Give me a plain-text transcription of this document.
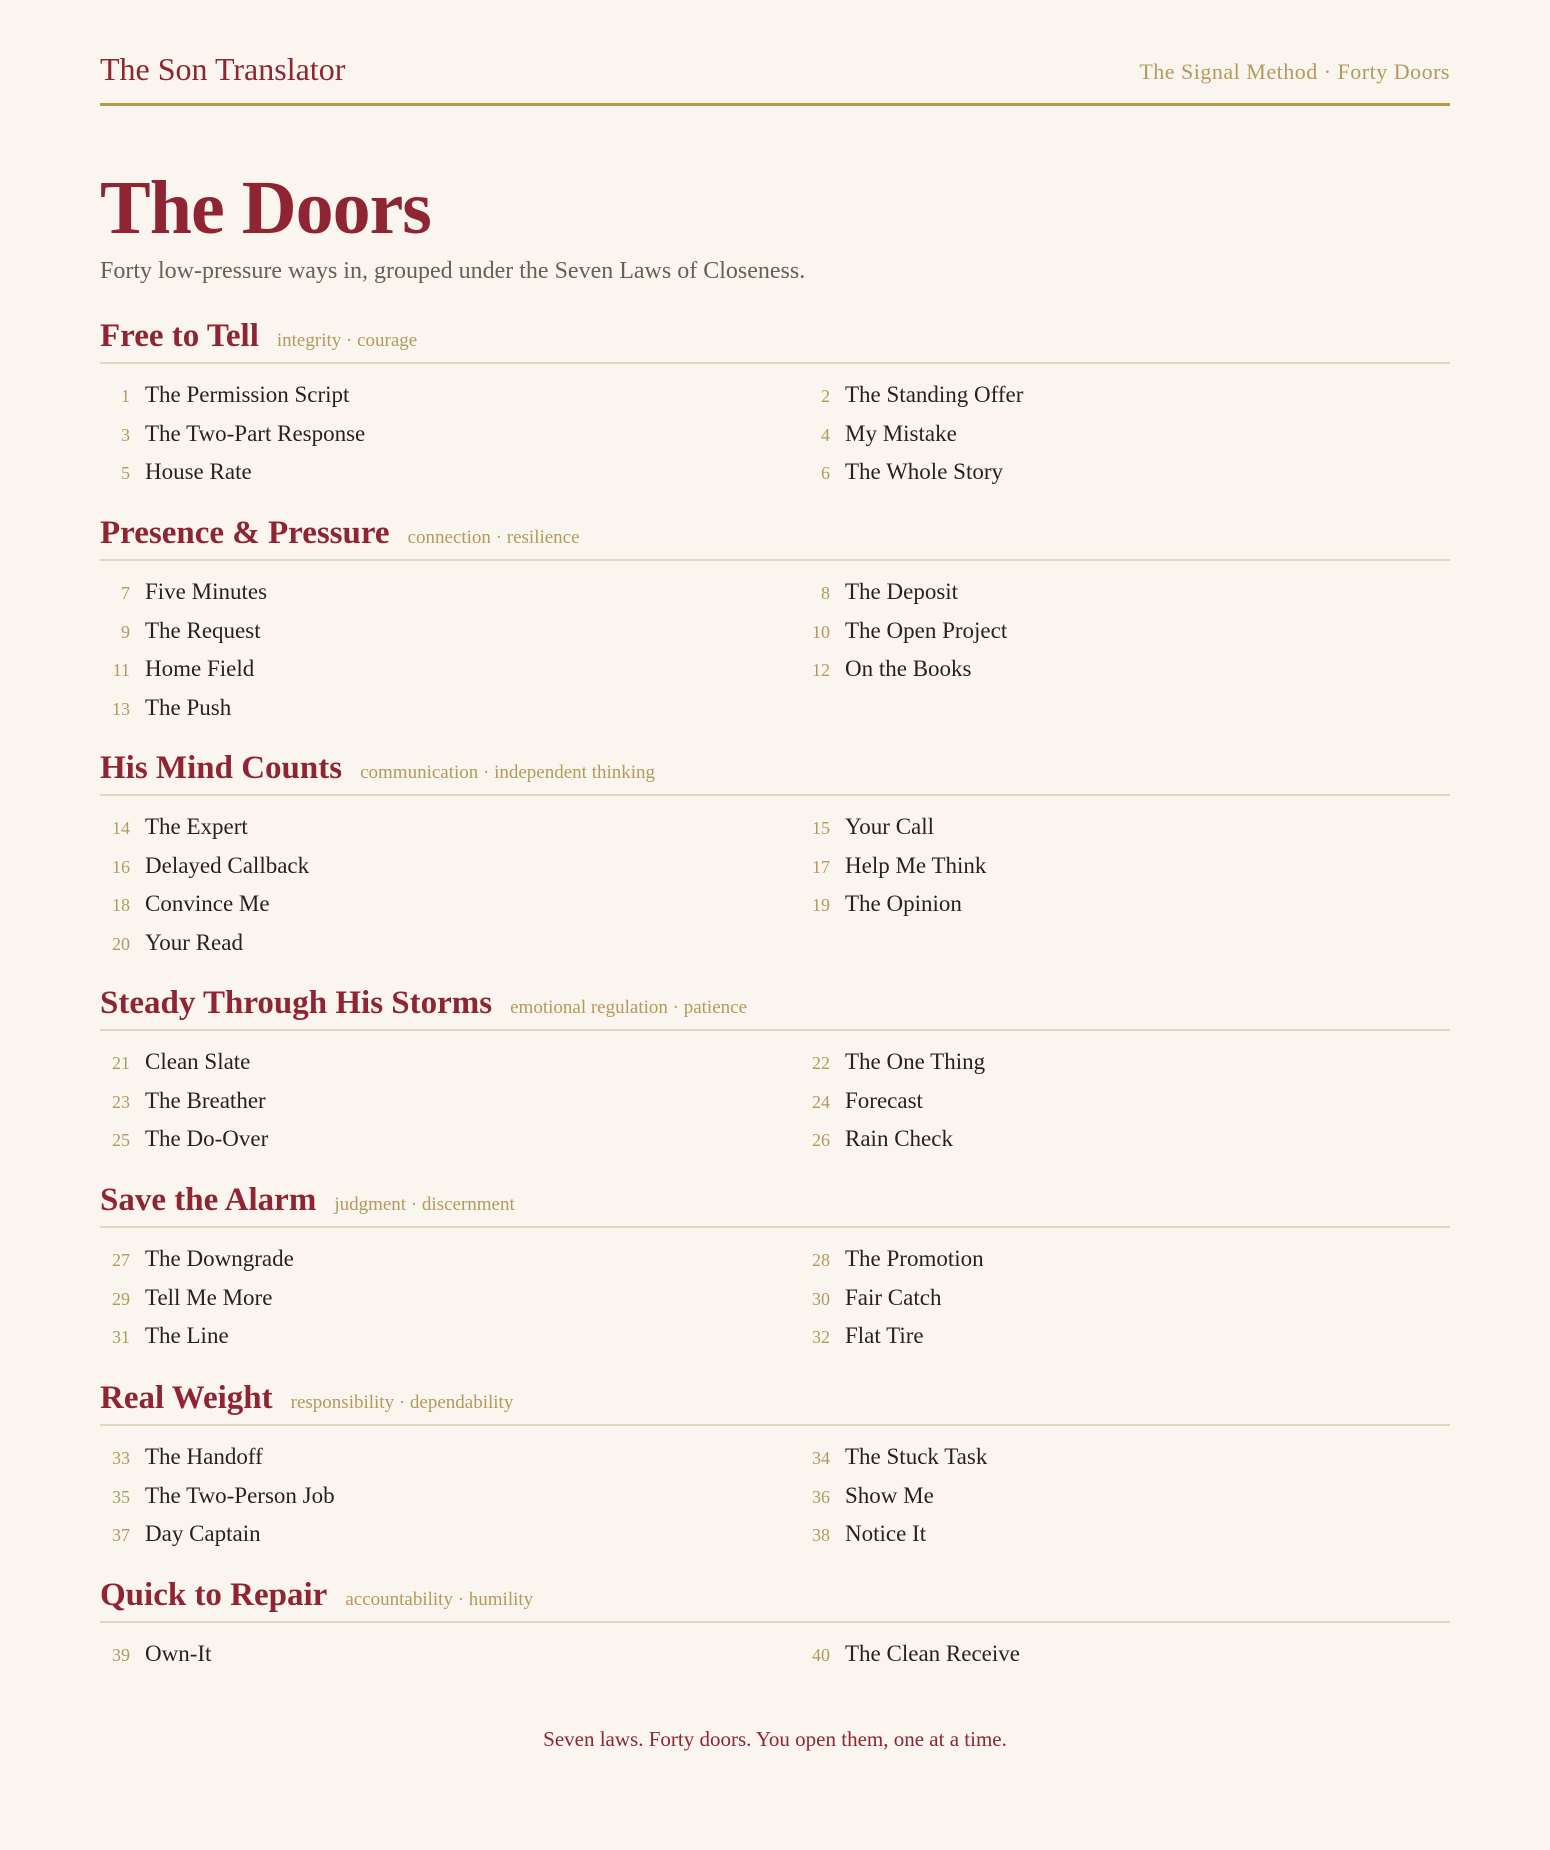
The Son Translator	The Signal Method · Forty Doors
The Doors

Forty low-pressure ways in, grouped under the Seven Laws of Closeness.

Free to Tell integrity · courage
1 The Permission Script	2 The Standing Offer
3 The Two-Part Response	4 My Mistake
5 House Rate	6 The Whole Story
Presence & Pressure connection · resilience
7 Five Minutes	8 The Deposit
9 The Request	10 The Open Project
11 Home Field	12 On the Books
13 The Push
His Mind Counts communication · independent thinking
14 The Expert	15 Your Call
16 Delayed Callback	17 Help Me Think
18 Convince Me	19 The Opinion
20 Your Read
Steady Through His Storms emotional regulation · patience
21 Clean Slate	22 The One Thing
23 The Breather	24 Forecast
25 The Do-Over	26 Rain Check
Save the Alarm judgment · discernment
27 The Downgrade	28 The Promotion
29 Tell Me More	30 Fair Catch
31 The Line	32 Flat Tire
Real Weight responsibility · dependability
33 The Handoff	34 The Stuck Task
35 The Two-Person Job	36 Show Me
37 Day Captain	38 Notice It
Quick to Repair accountability · humility
39 Own-It	40 The Clean Receive
Seven laws. Forty doors. You open them, one at a time.
